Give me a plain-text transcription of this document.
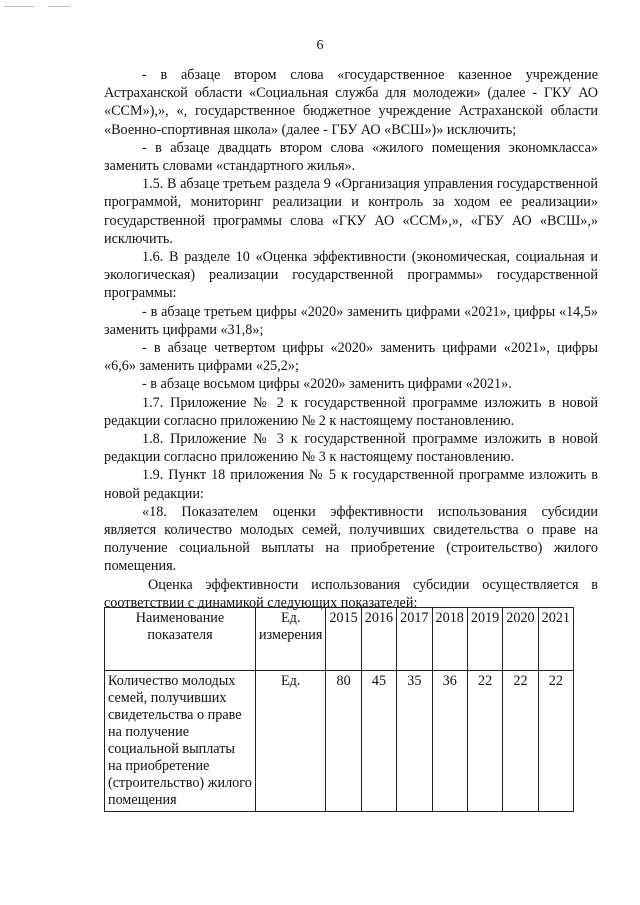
6

- в абзаце втором слова «государственное казенное учреждение Астраханской области «Социальная служба для молодежи» (далее - ГКУ АО «ССМ»),», «, государственное бюджетное учреждение Астраханской области «Военно-спортивная школа» (далее - ГБУ АО «ВСШ»)» исключить;

- в абзаце двадцать втором слова «жилого помещения экономкласса» заменить словами «стандартного жилья».

1.5. В абзаце третьем раздела 9 «Организация управления государственной программой, мониторинг реализации и контроль за ходом ее реализации» государственной программы слова «ГКУ АО «ССМ»,», «ГБУ АО «ВСШ»,» исключить.

1.6. В разделе 10 «Оценка эффективности (экономическая, социальная и экологическая) реализации государственной программы» государственной программы:

- в абзаце третьем цифры «2020» заменить цифрами «2021», цифры «14,5» заменить цифрами «31,8»;

- в абзаце четвертом цифры «2020» заменить цифрами «2021», цифры «6,6» заменить цифрами «25,2»;

- в абзаце восьмом цифры «2020» заменить цифрами «2021».

1.7. Приложение № 2 к государственной программе изложить в новой редакции согласно приложению № 2 к настоящему постановлению.

1.8. Приложение № 3 к государственной программе изложить в новой редакции согласно приложению № 3 к настоящему постановлению.

1.9. Пункт 18 приложения № 5 к государственной программе изложить в новой редакции:

«18. Показателем оценки эффективности использования субсидии является количество молодых семей, получивших свидетельства о праве на получение социальной выплаты на приобретение (строительство) жилого помещения.

Оценка эффективности использования субсидии осуществляется в соответствии с динамикой следующих показателей:

Наименование показателя	Ед. измерения	2015	2016	2017	2018	2019	2020	2021
Количество молодых семей, получивших свидетельства о праве на получение социальной выплаты на приобретение (строительство) жилого помещения	Ед.	80	45	35	36	22	22	22
